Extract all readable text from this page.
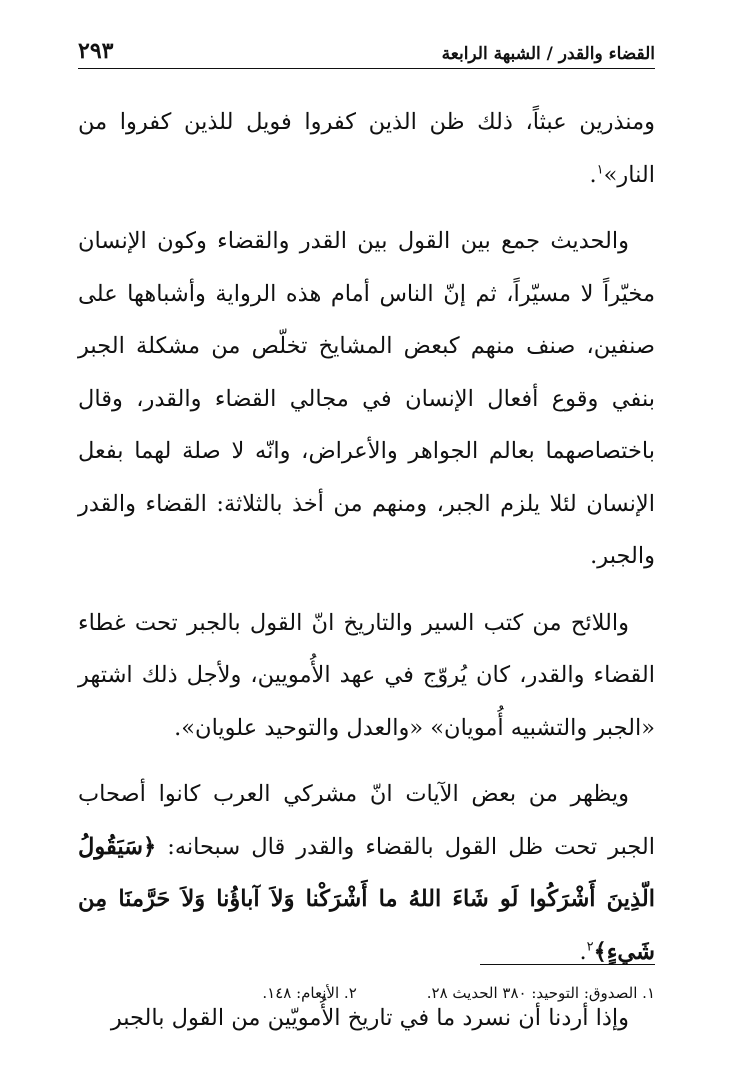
القضاء والقدر / الشبهة الرابعة
٢٩٣

ومنذرين عبثاً، ذلك ظن الذين كفروا فويل للذين كفروا من النار»$^١$.

والحديث جمع بين القول بين القدر والقضاء وكون الإنسان مخيّراً لا مسيّراً، ثم إنّ الناس أمام هذه الرواية وأشباهها على صنفين، صنف منهم كبعض المشايخ تخلّص من مشكلة الجبر بنفي وقوع أفعال الإنسان في مجالي القضاء والقدر، وقال باختصاصهما بعالم الجواهر والأعراض، وانّه لا صلة لهما بفعل الإنسان لئلا يلزم الجبر، ومنهم من أخذ بالثلاثة: القضاء والقدر والجبر.

واللائح من كتب السير والتاريخ انّ القول بالجبر تحت غطاء القضاء والقدر، كان يُروّج في عهد الأُمويين، ولأجل ذلك اشتهر «الجبر والتشبيه أُمويان» «والعدل والتوحيد علويان».

ويظهر من بعض الآيات انّ مشركي العرب كانوا أصحاب الجبر تحت ظل القول بالقضاء والقدر قال سبحانه: ﴿سَيَقُولُ الّذِينَ أَشْرَكُوا لَو شَاءَ اللهُ ما أَشْرَكْنا وَلاَ آباؤُنا وَلاَ حَرَّمنَا مِن شَيءٍ﴾$^٢$.

وإذا أردنا أن نسرد ما في تاريخ الأُمويّين من القول بالجبر

١. الصدوق: التوحيد: ٣٨٠ الحديث ٢٨.
٢. الأنعام: ١٤٨.
